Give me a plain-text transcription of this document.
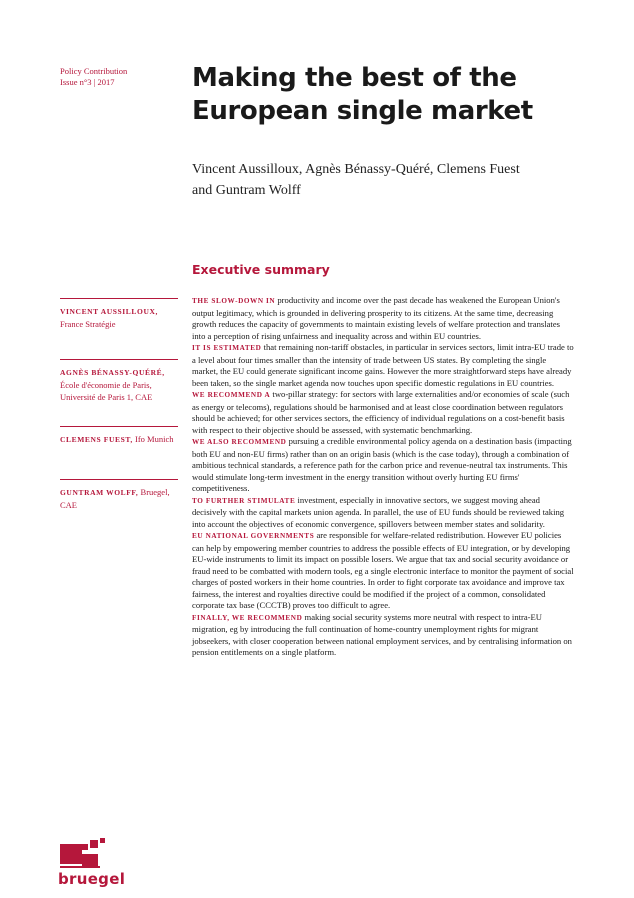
Policy Contribution
Issue n°3 | 2017	Making the best of the
European single market
Vincent Aussilloux, Agnès Bénassy-Quéré, Clemens Fuest
and Guntram Wolff
Executive summary
VINCENT AUSSILLOUX,
France Stratégie
AGNÈS BÉNASSY-QUÉRÉ,
École d'économie de Paris, Université de Paris 1, CAE
CLEMENS FUEST, Ifo Munich
GUNTRAM WOLFF, Bruegel, CAE

THE SLOW-DOWN IN productivity and income over the past decade has weakened the European Union's output legitimacy, which is grounded in delivering prosperity to its citizens. At the same time, decreasing growth reduces the capacity of governments to maintain existing levels of welfare protection and translates into a perception of rising unfairness and inequality across and within EU countries.

IT IS ESTIMATED that remaining non-tariff obstacles, in particular in services sectors, limit intra-EU trade to a level about four times smaller than the intensity of trade between US states. By completing the single market, the EU could generate significant income gains. However the more straightforward steps have already been taken, so the single market agenda now touches upon specific domestic regulations in EU countries.

WE RECOMMEND A two-pillar strategy: for sectors with large externalities and/or economies of scale (such as energy or telecoms), regulations should be harmonised and at least close coordination between regulators should be achieved; for other services sectors, the efficiency of individual regulations on a cost-benefit basis with respect to their objective should be assessed, with systematic benchmarking.

WE ALSO RECOMMEND pursuing a credible environmental policy agenda on a destination basis (impacting both EU and non-EU firms) rather than on an origin basis (which is the case today), through a combination of ambitious technical standards, a reference path for the carbon price and revenue-neutral tax instruments. This would stimulate long-term investment in the energy transition without overly hurting EU firms' competitiveness.

TO FURTHER STIMULATE investment, especially in innovative sectors, we suggest moving ahead decisively with the capital markets union agenda. In parallel, the use of EU funds should be reviewed taking into account the objectives of economic convergence, spillovers between member states and solidarity.

EU NATIONAL GOVERNMENTS are responsible for welfare-related redistribution. However EU policies can help by empowering member countries to address the possible effects of EU integration, or by developing EU-wide instruments to limit its impact on possible losers. We argue that tax and social security avoidance or fraud need to be combatted with modern tools, eg a single electronic interface to monitor the payment of social charges of posted workers in their home countries. In order to fight corporate tax avoidance and improve tax fairness, the interest and royalties directive could be modified if the project of a common, consolidated corporate tax base (CCCTB) proves too difficult to agree.

FINALLY, WE RECOMMEND making social security systems more neutral with respect to intra-EU migration, eg by introducing the full continuation of home-country unemployment rights for migrant jobseekers, with closer cooperation between national employment services, and by centralising information on pension entitlements on a single platform.

bruegel
